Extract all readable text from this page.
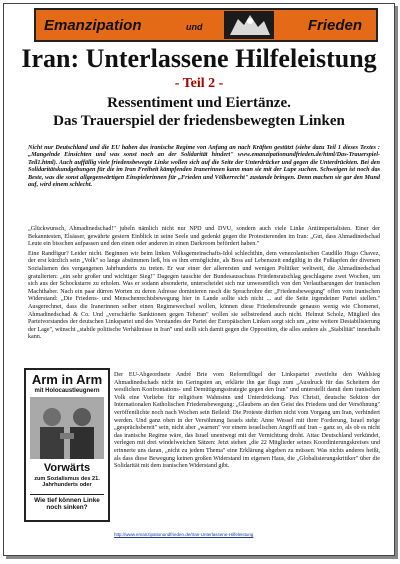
Emanzipation	und	Frieden
Iran: Unterlassene Hilfeleistung
- Teil 2 -
Ressentiment und Eiertänze.
Das Trauerspiel der friedensbewegten Linken
Nicht nur Deutschland und die EU haben das iranische Regime von Anfang an nach Kräften gestützt (siehe dazu Teil 1 dieses Textes : „Mangelnde Einsichten und was sonst noch an der Solidarität hindert" www.emanzipationundfrieden.de/html/Das-Trauerspiel-Teil1.html). Auch auffällig viele friedensbewegte Linke wollen sich auf die Seite der Unterdrücker und gegen die Unterdrückten. Bei den Solidaritätskundgebungen für die im Iran Freiheit kämpfenden Iranerinnen kann man sie mit der Lupe suchen. Schweigen ist noch das Beste, was die sonst allgegenwärtigen Einspielerinnen für „Frieden und Völkerrecht" zustande bringen. Denn machen sie gar den Mund auf, wird einem schlecht.

„Glückwunsch, Ahmadinedschad!" jubeln nämlich nicht nur NPD und DVU, sondern auch viele Linke Antiimperialisten. Einer der Bekanntesten, Elsässer, gewährte gestern Einblick in seine Seele und gedenkt gegen die Protestierenden im Iran: „Gut, dass Ahmadinedschad Leute ein bisschen aufpassen und den einen oder anderen in einen Darkroom befördert haben."

Eine Randfigur? Leider nicht. Beginnen wir beim linken Volksgemeinschafts-Idol schlechthin, dem venezolanischen Caudillo Hugo Chavez, der erst kürzlich sein „Volk" so lange abstimmen ließ, bis es ihm ermöglichte, als Boss auf Lebenszeit endgültig in die Fußtapfen der diversen Sozialismen des vergangenen Jahrhunderts zu treten. Er war einer der allerersten und wenigen Politiker weltweit, die Ahmadinedschad gratulierten: „ein sehr großer und wichtiger Sieg!" Dagegen tauschte der Bundesausschuss Friedensratschlag geschlagene zwei Wochen, um sich aus der Schockstarre zu erholen. Was er sodann absonderte, unterscheidet sich nur unwesentlich von den Verlautbarungen der iranischen Machthaber. Nach ein paar dürren Worten zu deren Adresse dominieren rasch die Sprachrohre der „Friedensbewegung" offen vom iranischen Widerstand: „Die Friedens- und Menschenrechtsbewegung hier in Lande sollte sich nicht ... auf die Seite irgendeiner Partei stellen." Ausgerechnet, dass die Iranerinnen selber einen Regimewechsel wollen, können diese Friedensfreunde genauso wenig wie Chomenei, Ahmadinedschad & Co. Und „verschärfte Sanktionen gegen Teheran" wollen sie selbstredend auch nicht. Helmut Scholz, Mitglied des Parteivorstandes der deutschen Linkspartei und des Vorstandes der Partei der Europäischen Linken sorgt sich um „eine weitere Destabilisierung der Lage", wünscht „stabile politische Verhältnisse in Iran" und stellt sich damit gegen die Opposition, die alles andere als „Stabilität" innerhalb kann.

Arm in Arm
mit Holocaustleugnern
Vorwärts
zum Sozialismus des 21. Jahrhunderts oder
Wie tief können Linke noch sinken?
Der EU-Abgeordnete André Brie vom Reformflügel der Linkspartei zweifelte den Wahlsieg Ahmadinedschads nicht im Geringsten an, erklärte ihn gar flugs zum „Ausdruck für das Scheitern der westlichen Konfrontations- und Demütigungsstrategie gegen den Iran" und unterstellt damit dem iranischen Volk eine Vorliebe für religiösen Wahnsinn und Unterdrückung. Pax Christi, deutsche Sektion der Internationalen Katholischen Friedensbewegung: „Glaubens an den Geist des Friedens und der Versöhnung" veröffentlichte noch nach Wochen sein Beileid: Die Proteste dürften nicht vom Vorgang um Iran, verhindert werden. Und ganz oben in der Versöhnung Israels steht: Anne Wessel mit ihrer Forderung, Israel möge „gesprächsbereit" sein, nicht aber „warnen" vor einem israelischen Angriff auf Iran – ganz so, als ob es nicht das iranische Regime wäre, das Israel unentwegt mit der Vernichtung droht. Attac Deutschland verkündet, verlegen mit drei windelweichen Sätzen: Jetzt stehen „die 22 Mitglieder seines Koordinierungskreises und erinnerte uns daran, „nicht zu jedem Thema" eine Erklärung abgeben zu müssen. Was nichts anderes heißt, als dass diese Bewegung keinen großen Widerstand im eigenen Haus, die „Globalisierungskritiker" über die Solidarität mit dem iranischen Widerstand gibt.
http://www.emanzipationundfrieden.de/Iran-Unterlassene-Hilfeleistung
